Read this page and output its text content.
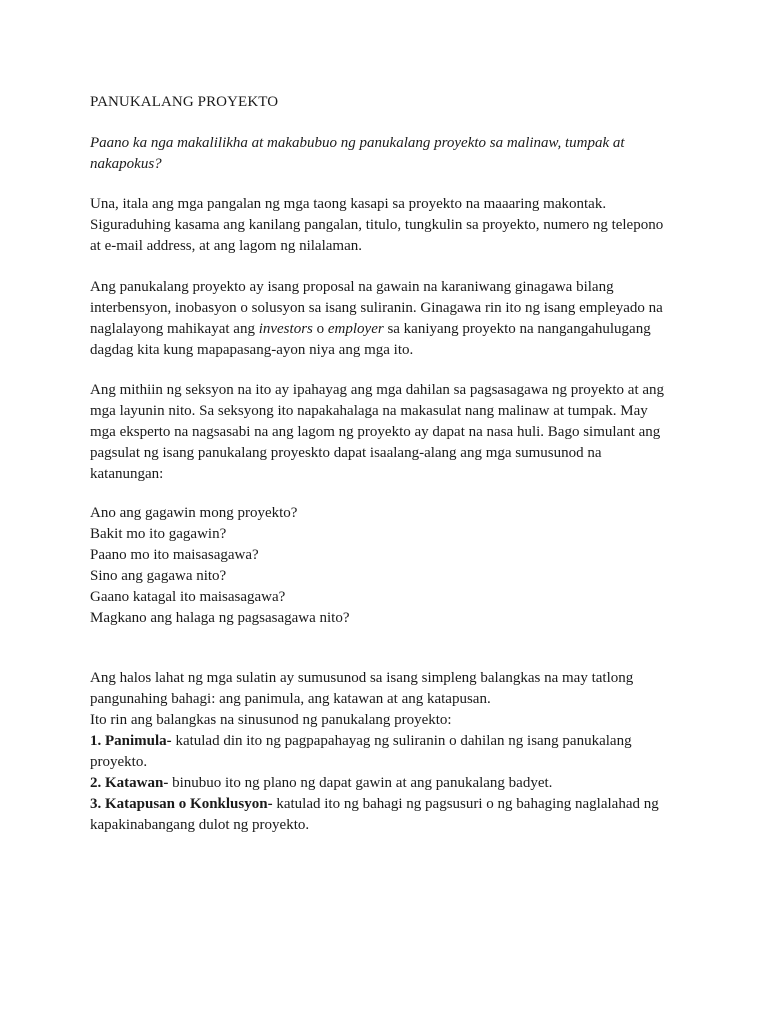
PANUKALANG PROYEKTO

Paano ka nga makalilikha at makabubuo ng panukalang proyekto sa malinaw, tumpak at
nakapokus?

Una, itala ang mga pangalan ng mga taong kasapi sa proyekto na maaaring makontak.
Siguraduhing kasama ang kanilang pangalan, titulo, tungkulin sa proyekto, numero ng telepono
at e-mail address, at ang lagom ng nilalaman.

Ang panukalang proyekto ay isang proposal na gawain na karaniwang ginagawa bilang
interbensyon, inobasyon o solusyon sa isang suliranin. Ginagawa rin ito ng isang empleyado na
naglalayong mahikayat ang investors o employer sa kaniyang proyekto na nangangahulugang
dagdag kita kung mapapasang-ayon niya ang mga ito.

Ang mithiin ng seksyon na ito ay ipahayag ang mga dahilan sa pagsasagawa ng proyekto at ang
mga layunin nito. Sa seksyong ito napakahalaga na makasulat nang malinaw at tumpak. May
mga eksperto na nagsasabi na ang lagom ng proyekto ay dapat na nasa huli. Bago simulant ang
pagsulat ng isang panukalang proyeskto dapat isaalang-alang ang mga sumusunod na
katanungan:

Ano ang gagawin mong proyekto?
Bakit mo ito gagawin?
Paano mo ito maisasagawa?
Sino ang gagawa nito?
Gaano katagal ito maisasagawa?
Magkano ang halaga ng pagsasagawa nito?

Ang halos lahat ng mga sulatin ay sumusunod sa isang simpleng balangkas na may tatlong
pangunahing bahagi: ang panimula, ang katawan at ang katapusan.
Ito rin ang balangkas na sinusunod ng panukalang proyekto:
1. Panimula- katulad din ito ng pagpapahayag ng suliranin o dahilan ng isang panukalang
proyekto.
2. Katawan- binubuo ito ng plano ng dapat gawin at ang panukalang badyet.
3. Katapusan o Konklusyon- katulad ito ng bahagi ng pagsusuri o ng bahaging naglalahad ng
kapakinabangang dulot ng proyekto.
